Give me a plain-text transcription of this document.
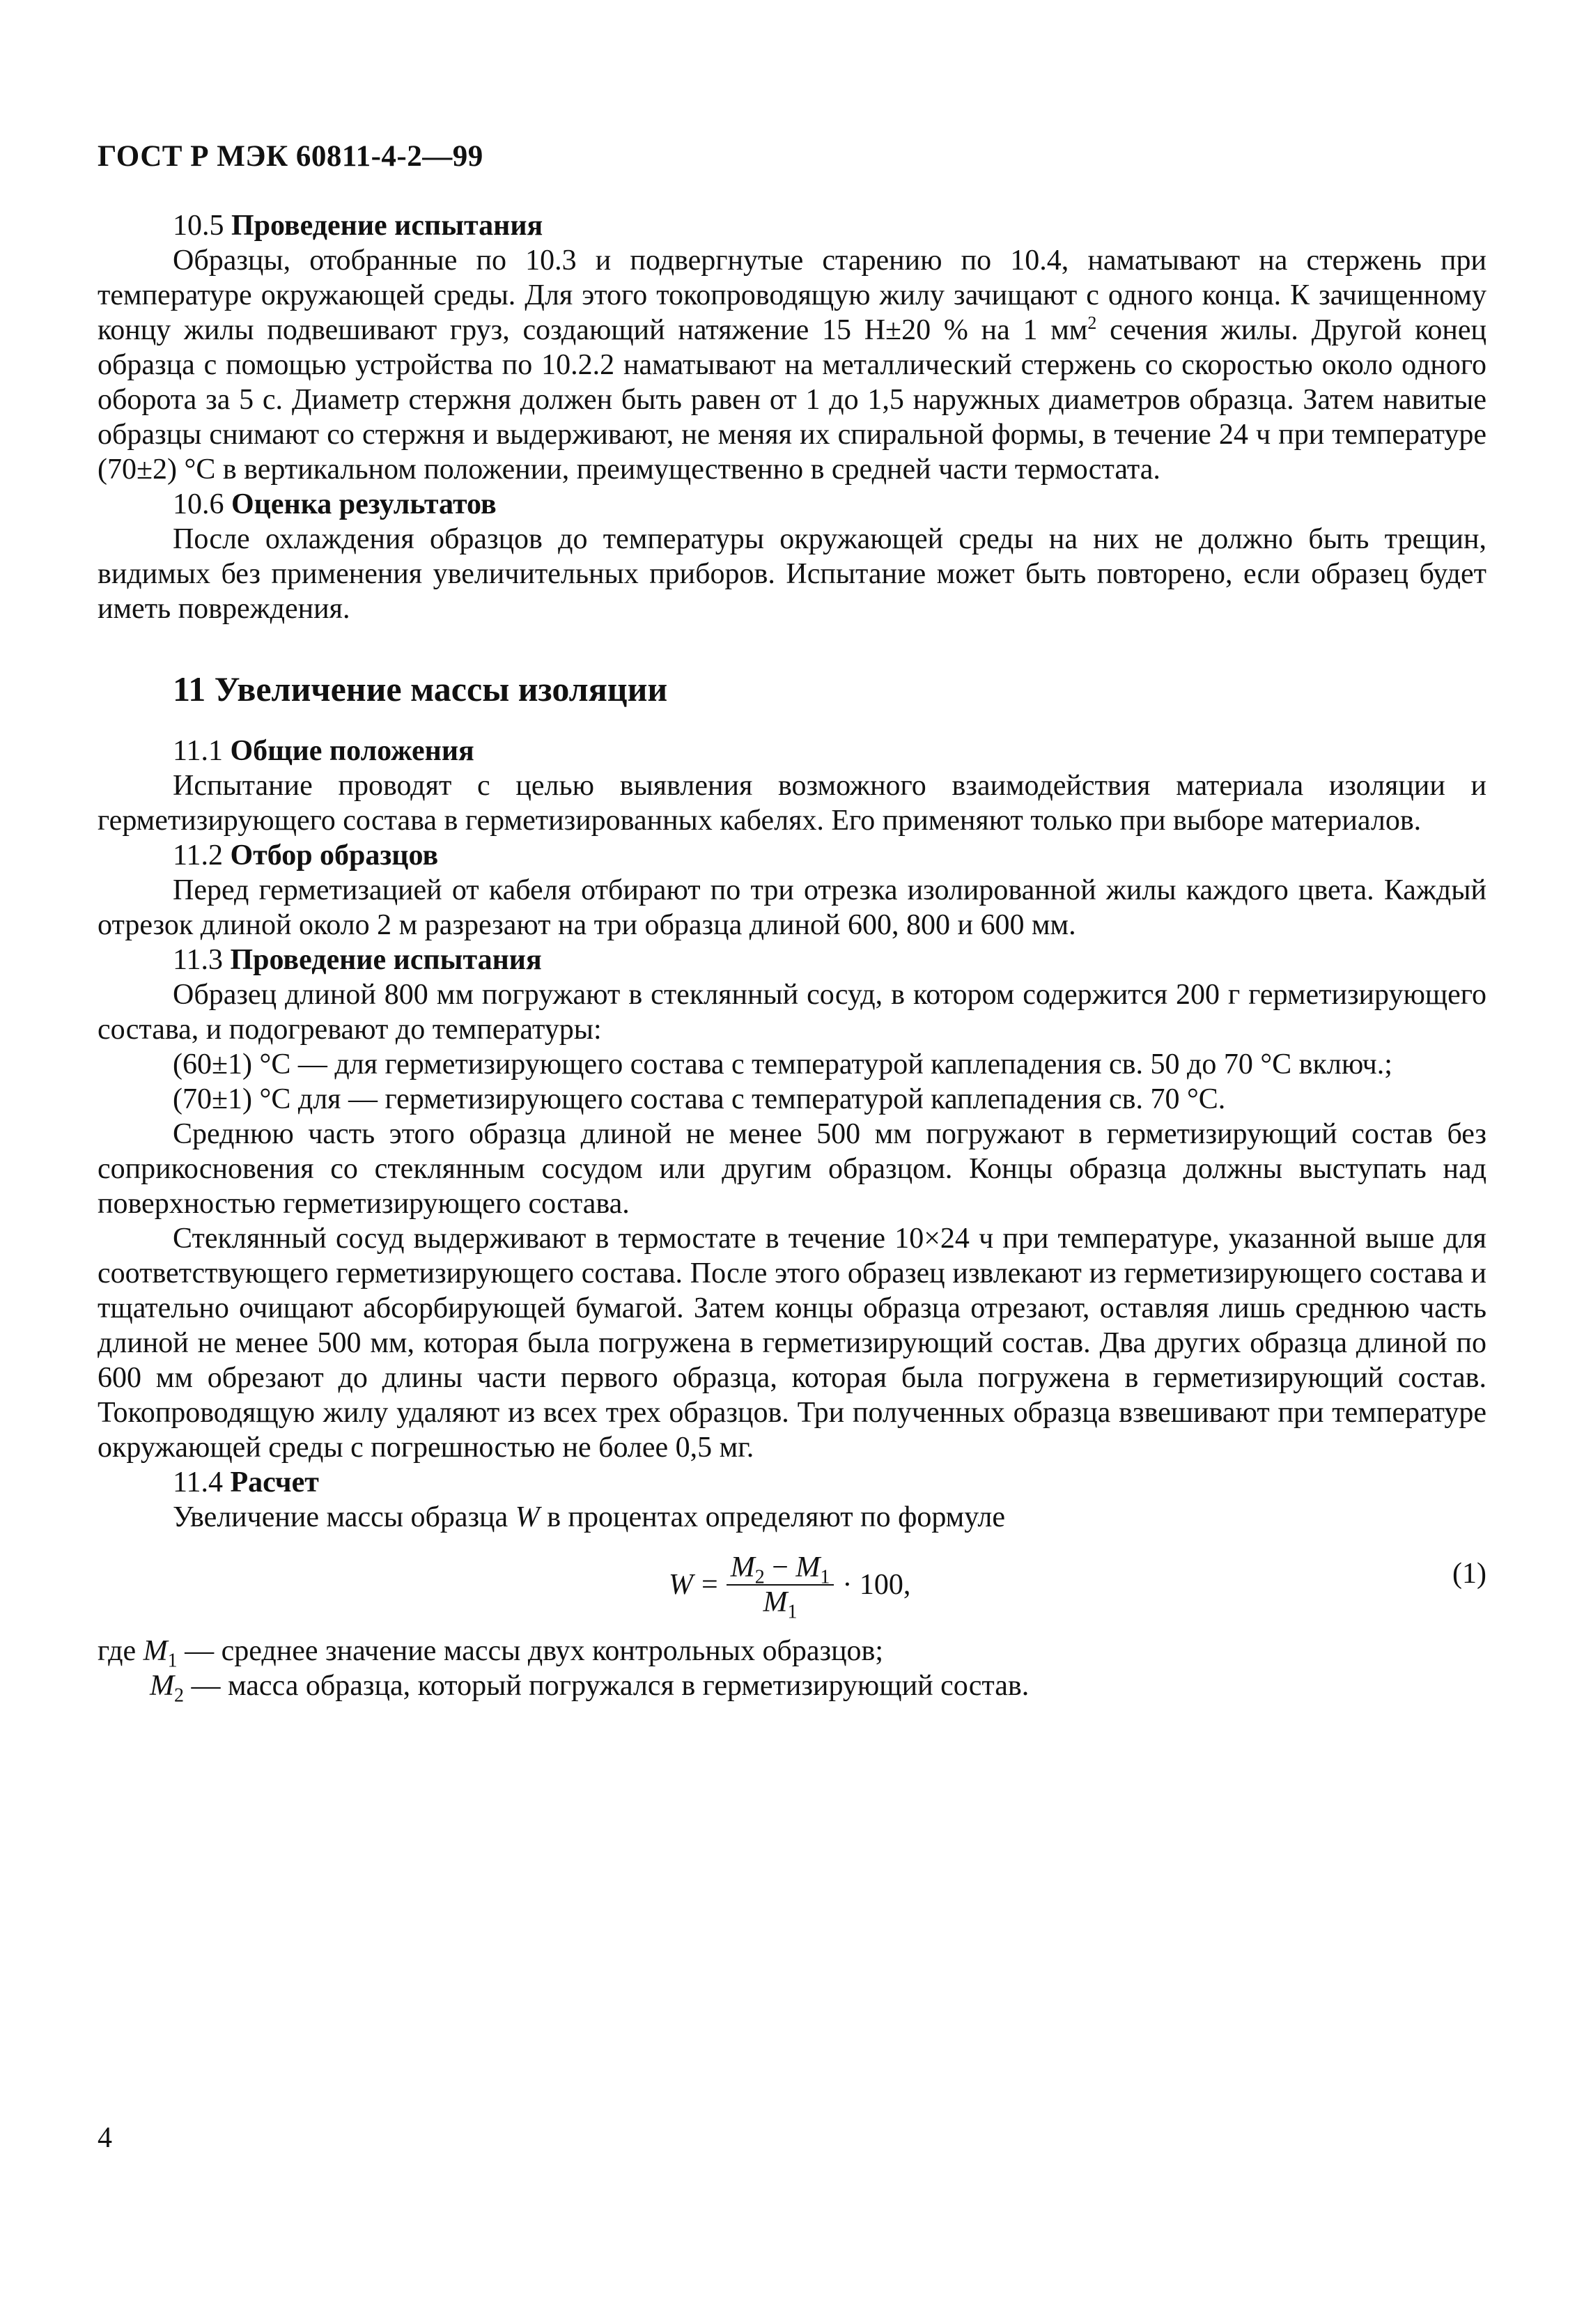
ГОСТ Р МЭК 60811-4-2—99

10.5 Проведение испытания

Образцы, отобранные по 10.3 и подвергнутые старению по 10.4, наматывают на стержень при температуре окружающей среды. Для этого токопроводящую жилу зачищают с одного конца. К зачищенному концу жилы подвешивают груз, создающий натяжение 15 Н±20 % на 1 $мм^2$ сечения жилы. Другой конец образца с помощью устройства по 10.2.2 наматывают на металлический стержень со скоростью около одного оборота за 5 с. Диаметр стержня должен быть равен от 1 до 1,5 наружных диаметров образца. Затем навитые образцы снимают со стержня и выдерживают, не меняя их спиральной формы, в течение 24 ч при температуре (70±2) °С в вертикальном положении, преимущественно в средней части термостата.

10.6 Оценка результатов

После охлаждения образцов до температуры окружающей среды на них не должно быть трещин, видимых без применения увеличительных приборов. Испытание может быть повторено, если образец будет иметь повреждения.

11 Увеличение массы изоляции

11.1 Общие положения

Испытание проводят с целью выявления возможного взаимодействия материала изоляции и герметизирующего состава в герметизированных кабелях. Его применяют только при выборе материалов.

11.2 Отбор образцов

Перед герметизацией от кабеля отбирают по три отрезка изолированной жилы каждого цвета. Каждый отрезок длиной около 2 м разрезают на три образца длиной 600, 800 и 600 мм.

11.3 Проведение испытания

Образец длиной 800 мм погружают в стеклянный сосуд, в котором содержится 200 г герметизирующего состава, и подогревают до температуры:

(60±1) °С — для герметизирующего состава с температурой каплепадения св. 50 до 70 °С включ.;

(70±1) °С для — герметизирующего состава с температурой каплепадения св. 70 °С.

Среднюю часть этого образца длиной не менее 500 мм погружают в герметизирующий состав без соприкосновения со стеклянным сосудом или другим образцом. Концы образца должны выступать над поверхностью герметизирующего состава.

Стеклянный сосуд выдерживают в термостате в течение 10×24 ч при температуре, указанной выше для соответствующего герметизирующего состава. После этого образец извлекают из герметизирующего состава и тщательно очищают абсорбирующей бумагой. Затем концы образца отрезают, оставляя лишь среднюю часть длиной не менее 500 мм, которая была погружена в герметизирующий состав. Два других образца длиной по 600 мм обрезают до длины части первого образца, которая была погружена в герметизирующий состав. Токопроводящую жилу удаляют из всех трех образцов. Три полученных образца взвешивают при температуре окружающей среды с погрешностью не более 0,5 мг.

11.4 Расчет

Увеличение массы образца W в процентах определяют по формуле

$W = \frac{M_2 - M_1}{M_1} \cdot 100$,	(1)
где $M_1$ — среднее значение массы двух контрольных образцов;
$M_2$ — масса образца, который погружался в герметизирующий состав.
4
